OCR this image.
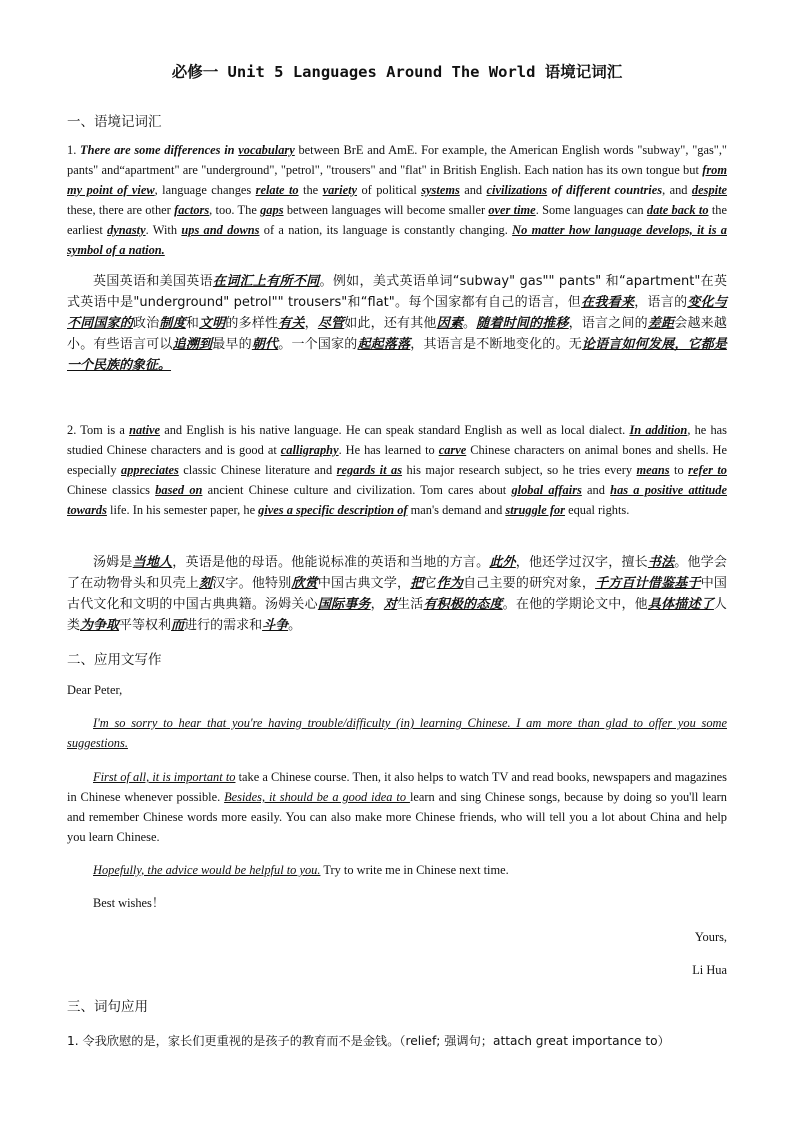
必修一 Unit 5 Languages Around The World 语境记词汇
一、语境记词汇
1. There are some differences in vocabulary between BrE and AmE. For example, the American English words "subway", "gas"," pants" and“apartment" are "underground", "petrol", "trousers" and "flat" in British English. Each nation has its own tongue but from my point of view, language changes relate to the variety of political systems and civilizations of different countries, and despite these, there are other factors, too. The gaps between languages will become smaller over time. Some languages can date back to the earliest dynasty. With ups and downs of a nation, its language is constantly changing. No matter how language develops, it is a symbol of a nation.
英国英语和美国英语在词汇上有所不同。例如，美式英语单词“subway" gas"" pants" 和“apartment"在英式英语中是"underground" petrol"" trousers"和“flat"。每个国家都有自己的语言，但在我看来，语言的变化与不同国家的政治制度和文明的多样性有关，尽管如此，还有其他因素。随着时间的推移，语言之间的差距会越来越小。有些语言可以追溯到最早的朝代。一个国家的起起落落，其语言是不断地变化的。无论语言如何发展，它都是一个民族的象征。
2. Tom is a native and English is his native language. He can speak standard English as well as local dialect. In addition, he has studied Chinese characters and is good at calligraphy. He has learned to carve Chinese characters on animal bones and shells. He especially appreciates classic Chinese literature and regards it as his major research subject, so he tries every means to refer to Chinese classics based on ancient Chinese culture and civilization. Tom cares about global affairs and has a positive attitude towards life. In his semester paper, he gives a specific description of man's demand and struggle for equal rights.
汤姆是当地人，英语是他的母语。他能说标准的英语和当地的方言。此外，他还学过汉字，擅长书法。他学会了在动物骨头和贝壳上刻汉字。他特别欣赏中国古典文学，把它作为自己主要的研究对象，千方百计借鉴基于中国古代文化和文明的中国古典典籍。汤姆关心国际事务，对生活有积极的态度。在他的学期论文中，他具体描述了人类为争取平等权利而进行的需求和斗争。
二、应用文写作
Dear Peter,
I'm so sorry to hear that you're having trouble/difficulty (in) learning Chinese. I am more than glad to offer you some suggestions.
First of all, it is important to take a Chinese course. Then, it also helps to watch TV and read books, newspapers and magazines in Chinese whenever possible. Besides, it should be a good idea to learn and sing Chinese songs, because by doing so you'll learn and remember Chinese words more easily. You can also make more Chinese friends, who will tell you a lot about China and help you learn Chinese.
Hopefully, the advice would be helpful to you. Try to write me in Chinese next time.
Best wishes！
Yours,
Li Hua
三、词句应用
1. 令我欣慰的是，家长们更重视的是孩子的教育而不是金钱。（relief; 强调句；attach great importance to）
